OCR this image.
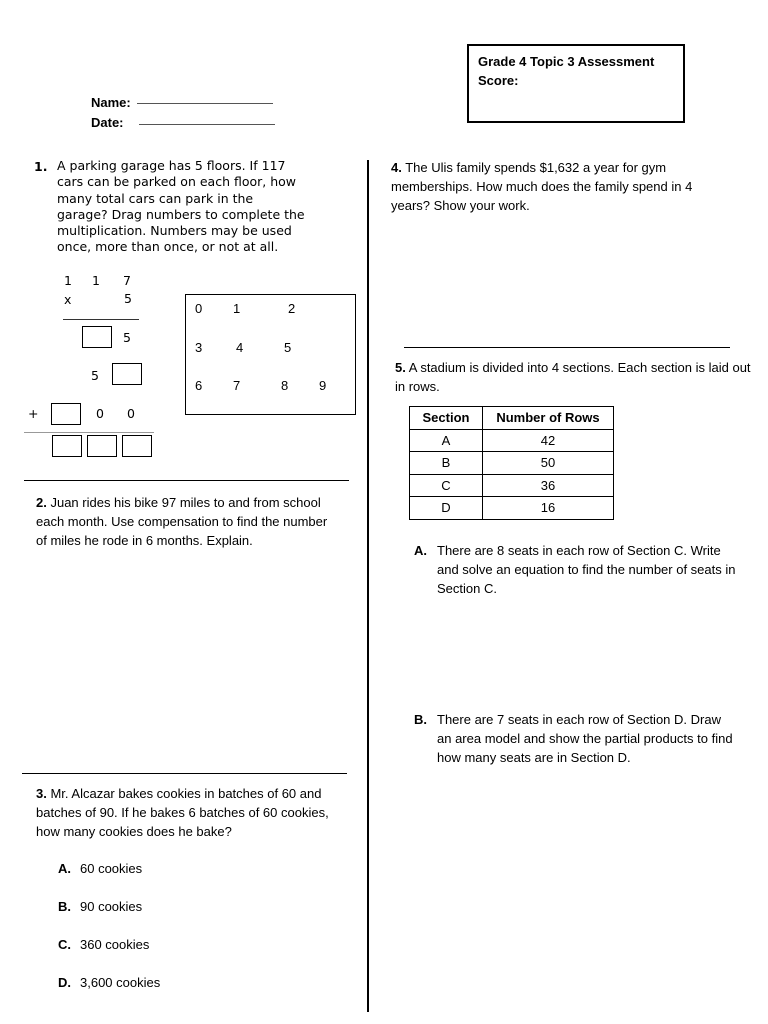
Grade 4 Topic 3 Assessment
Score:
Name:
Date:
1. A parking garage has 5 floors. If 117 cars can be parked on each floor, how many total cars can park in the garage? Drag numbers to complete the multiplication. Numbers may be used once, more than once, or not at all.
1 1 7
x	5
5
5
+	0 0
0 1	2
3	4	5
6 7	8 9
2. Juan rides his bike 97 miles to and from school each month. Use compensation to find the number of miles he rode in 6 months. Explain.
3. Mr. Alcazar bakes cookies in batches of 60 and batches of 90. If he bakes 6 batches of 60 cookies, how many cookies does he bake?
A. 60 cookies
B. 90 cookies
C. 360 cookies
D. 3,600 cookies
4. The Ulis family spends $1,632 a year for gym memberships. How much does the family spend in 4 years? Show your work.
5. A stadium is divided into 4 sections. Each section is laid out in rows.
Section	Number of Rows
A	42
B	50
C	36
D	16
A. There are 8 seats in each row of Section C. Write and solve an equation to find the number of seats in Section C.
B. There are 7 seats in each row of Section D. Draw an area model and show the partial products to find how many seats are in Section D.
